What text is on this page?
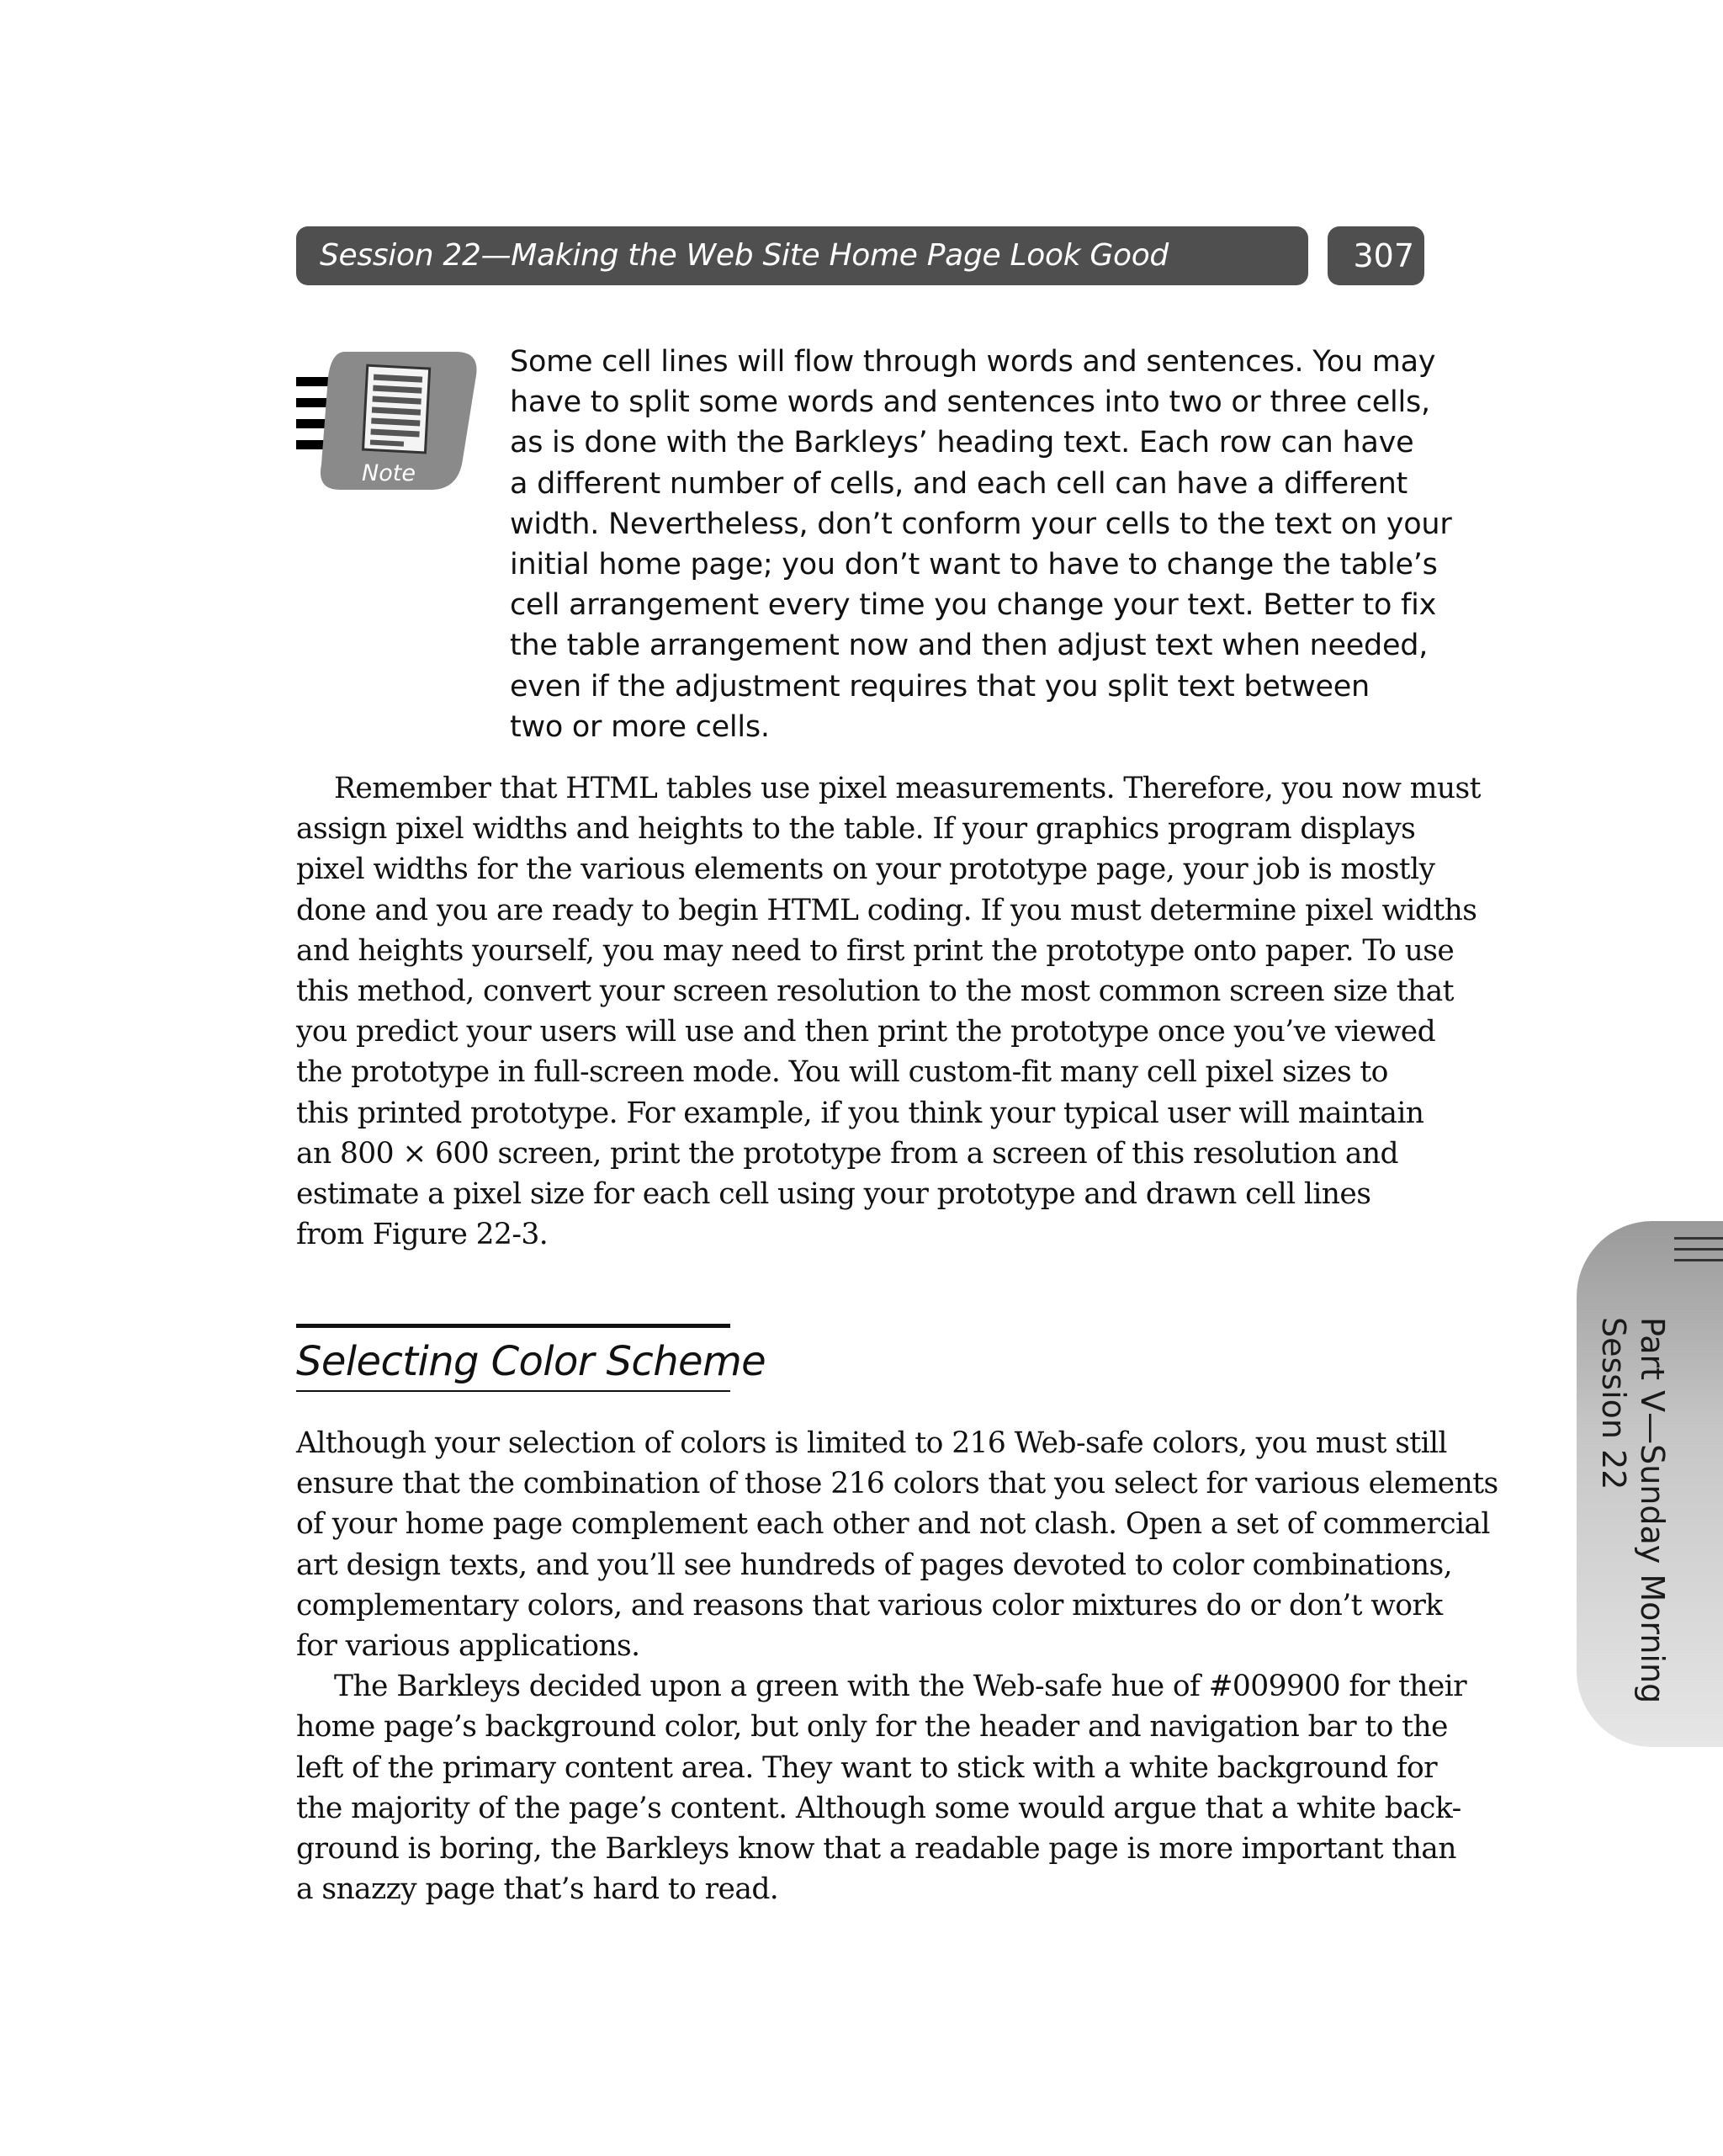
Session 22—Making the Web Site Home Page Look Good	307
Note
Some cell lines will flow through words and sentences. You may
have to split some words and sentences into two or three cells,
as is done with the Barkleys’ heading text. Each row can have
a different number of cells, and each cell can have a different
width. Nevertheless, don’t conform your cells to the text on your
initial home page; you don’t want to have to change the table’s
cell arrangement every time you change your text. Better to fix
the table arrangement now and then adjust text when needed,
even if the adjustment requires that you split text between
two or more cells.
Remember that HTML tables use pixel measurements. Therefore, you now must
assign pixel widths and heights to the table. If your graphics program displays
pixel widths for the various elements on your prototype page, your job is mostly
done and you are ready to begin HTML coding. If you must determine pixel widths
and heights yourself, you may need to first print the prototype onto paper. To use
this method, convert your screen resolution to the most common screen size that
you predict your users will use and then print the prototype once you’ve viewed
the prototype in full-screen mode. You will custom-fit many cell pixel sizes to
this printed prototype. For example, if you think your typical user will maintain
an 800 × 600 screen, print the prototype from a screen of this resolution and
estimate a pixel size for each cell using your prototype and drawn cell lines
from Figure 22-3.
Selecting Color Scheme
Although your selection of colors is limited to 216 Web-safe colors, you must still
ensure that the combination of those 216 colors that you select for various elements
of your home page complement each other and not clash. Open a set of commercial
art design texts, and you’ll see hundreds of pages devoted to color combinations,
complementary colors, and reasons that various color mixtures do or don’t work
for various applications.
The Barkleys decided upon a green with the Web-safe hue of #009900 for their
home page’s background color, but only for the header and navigation bar to the
left of the primary content area. They want to stick with a white background for
the majority of the page’s content. Although some would argue that a white back-
ground is boring, the Barkleys know that a readable page is more important than
a snazzy page that’s hard to read.
Part V—Sunday Morning
Session 22
